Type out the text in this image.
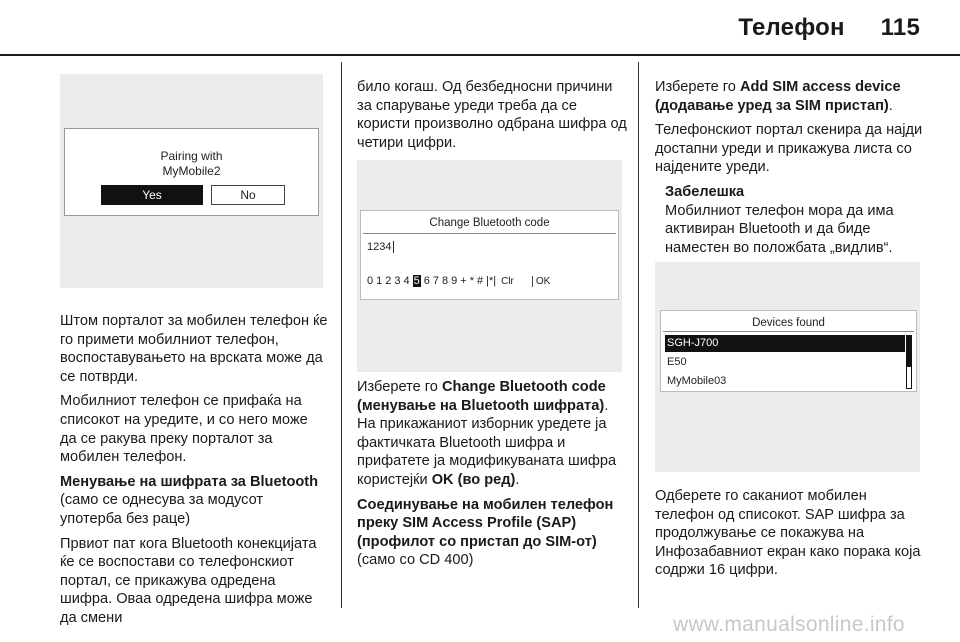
Телефон 115
Pairing with
MyMobile2
Yes	No

Штом порталот за мобилен телефон ќе го примети мобилниот телефон, воспоставувањето на врската може да се потврди.

Мобилниот телефон се прифаќа на списокот на уредите, и со него може да се ракува преку порталот за мобилен телефон.

Менување на шифрата за Bluetooth

(само се однесува за модусот употерба без раце)

Првиот пат кога Bluetooth конекцијата ќе се воспостави со телефонскиот портал, се прикажува одредена шифра. Оваа одредена шифра може да смени

било когаш. Од безбедносни причини за спарување уреди треба да се користи произволно одбрана шифра од четири цифри.

Change Bluetooth code
1234
0 1 2 3 4 5 6 7 8 9 + * # |*| Clr OK

Изберете го Change Bluetooth code (менување на Bluetooth шифрата). На прикажаниот изборник уредете ја фактичката Bluetooth шифра и прифатете ја модификуваната шифра користејќи OK (во ред).

Соединување на мобилен телефон преку SIM Access Profile (SAP) (профилот со пристап до SIM-от)

(само со CD 400)

Изберете го Add SIM access device (додавање уред за SIM пристап).

Телефонскиот портал скенира да најди достапни уреди и прикажува листа со најдените уреди.

Забелешка

Мобилниот телефон мора да има активиран Bluetooth и да биде наместен во положбата „видлив“.

Devices found
SGH-J700
E50
MyMobile03

Одберете го саканиот мобилен телефон од списокот. SAP шифра за продолжување се покажува на Инфозабавниот екран како порака која содржи 16 цифри.

www.manualsonline.info
